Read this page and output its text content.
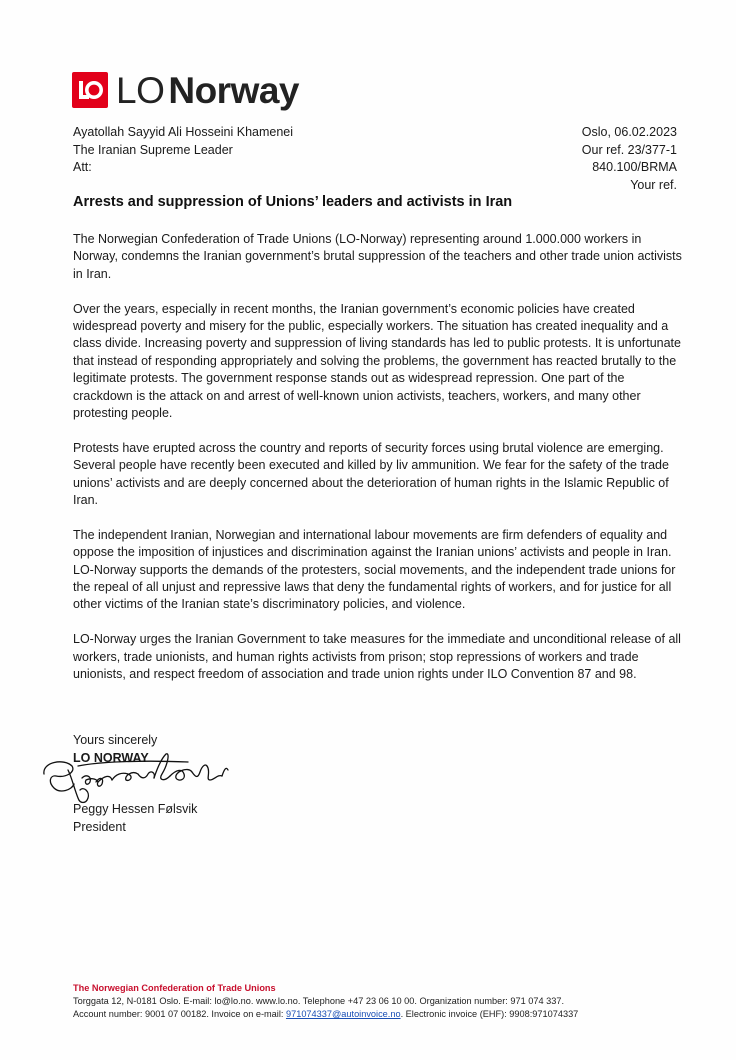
LO Norway
Ayatollah Sayyid Ali Hosseini Khamenei
The Iranian Supreme Leader
Att:
Oslo, 06.02.2023
Our ref. 23/377-1
840.100/BRMA
Your ref.
Arrests and suppression of Unions’ leaders and activists in Iran

The Norwegian Confederation of Trade Unions (LO-Norway) representing around 1.000.000 workers in Norway, condemns the Iranian government’s brutal suppression of the teachers and other trade union activists in Iran.

Over the years, especially in recent months, the Iranian government’s economic policies have created widespread poverty and misery for the public, especially workers. The situation has created inequality and a class divide. Increasing poverty and suppression of living standards has led to public protests. It is unfortunate that instead of responding appropriately and solving the problems, the government has reacted brutally to the legitimate protests. The government response stands out as widespread repression. One part of the crackdown is the attack on and arrest of well-known union activists, teachers, workers, and many other protesting people.

Protests have erupted across the country and reports of security forces using brutal violence are emerging. Several people have recently been executed and killed by liv ammunition. We fear for the safety of the trade unions’ activists and are deeply concerned about the deterioration of human rights in the Islamic Republic of Iran.

The independent Iranian, Norwegian and international labour movements are firm defenders of equality and oppose the imposition of injustices and discrimination against the Iranian unions’ activists and people in Iran. LO-Norway supports the demands of the protesters, social movements, and the independent trade unions for the repeal of all unjust and repressive laws that deny the fundamental rights of workers, and for justice for all other victims of the Iranian state’s discriminatory policies, and violence.

LO-Norway urges the Iranian Government to take measures for the immediate and unconditional release of all workers, trade unionists, and human rights activists from prison; stop repressions of workers and trade unionists, and respect freedom of association and trade union rights under ILO Convention 87 and 98.

Yours sincerely
LO NORWAY
Peggy Hessen Følsvik
President
The Norwegian Confederation of Trade Unions
Torggata 12, N-0181 Oslo. E-mail: lo@lo.no. www.lo.no. Telephone +47 23 06 10 00. Organization number: 971 074 337.
Account number: 9001 07 00182. Invoice on e-mail: 971074337@autoinvoice.no. Electronic invoice (EHF): 9908:971074337
